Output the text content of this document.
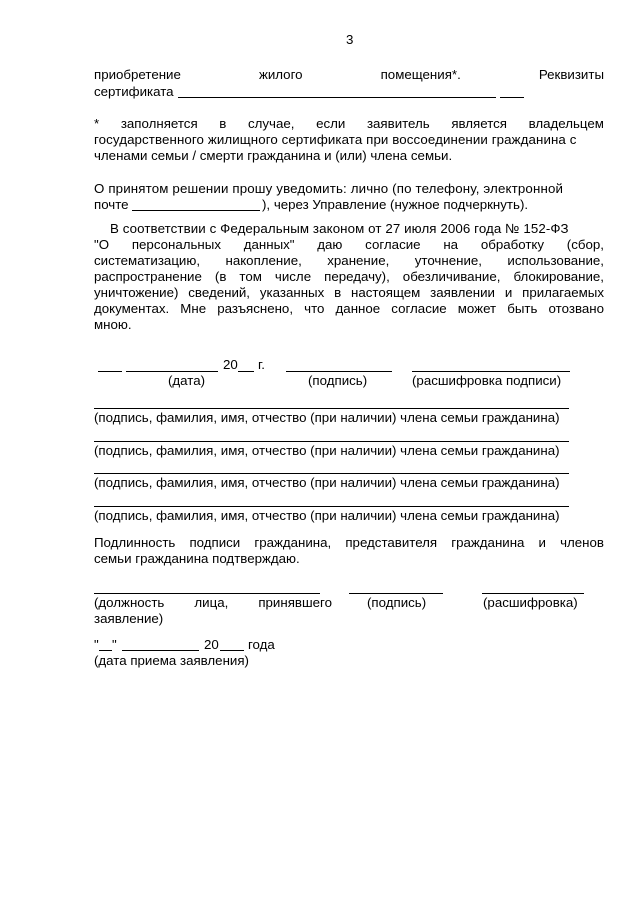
3
приобретение	жилого	помещения*.	Реквизиты
сертификата
* заполняется в случае, если заявитель является владельцем
государственного жилищного сертификата при воссоединении гражданина с
членами семьи / смерти гражданина и (или) члена семьи.
О принятом решении прошу уведомить: лично (по телефону, электронной
почте	), через Управление (нужное подчеркнуть).
В соответствии с Федеральным законом от 27 июля 2006 года № 152-ФЗ
"О персональных данных" даю согласие на обработку (сбор,
систематизацию, накопление, хранение, уточнение, использование,
распространение (в том числе передачу), обезличивание, блокирование,
уничтожение) сведений, указанных в настоящем заявлении и прилагаемых
документах. Мне разъяснено, что данное согласие может быть отозвано
мною.
20 г.
(дата)	(подпись)	(расшифровка подписи)
(подпись, фамилия, имя, отчество (при наличии) члена семьи гражданина)
(подпись, фамилия, имя, отчество (при наличии) члена семьи гражданина)
(подпись, фамилия, имя, отчество (при наличии) члена семьи гражданина)
(подпись, фамилия, имя, отчество (при наличии) члена семьи гражданина)
Подлинность подписи гражданина, представителя гражданина и членов
семьи гражданина подтверждаю.
(должность лица, принявшего	(подпись)	(расшифровка)
заявление)
" "	20 года
(дата приема заявления)
